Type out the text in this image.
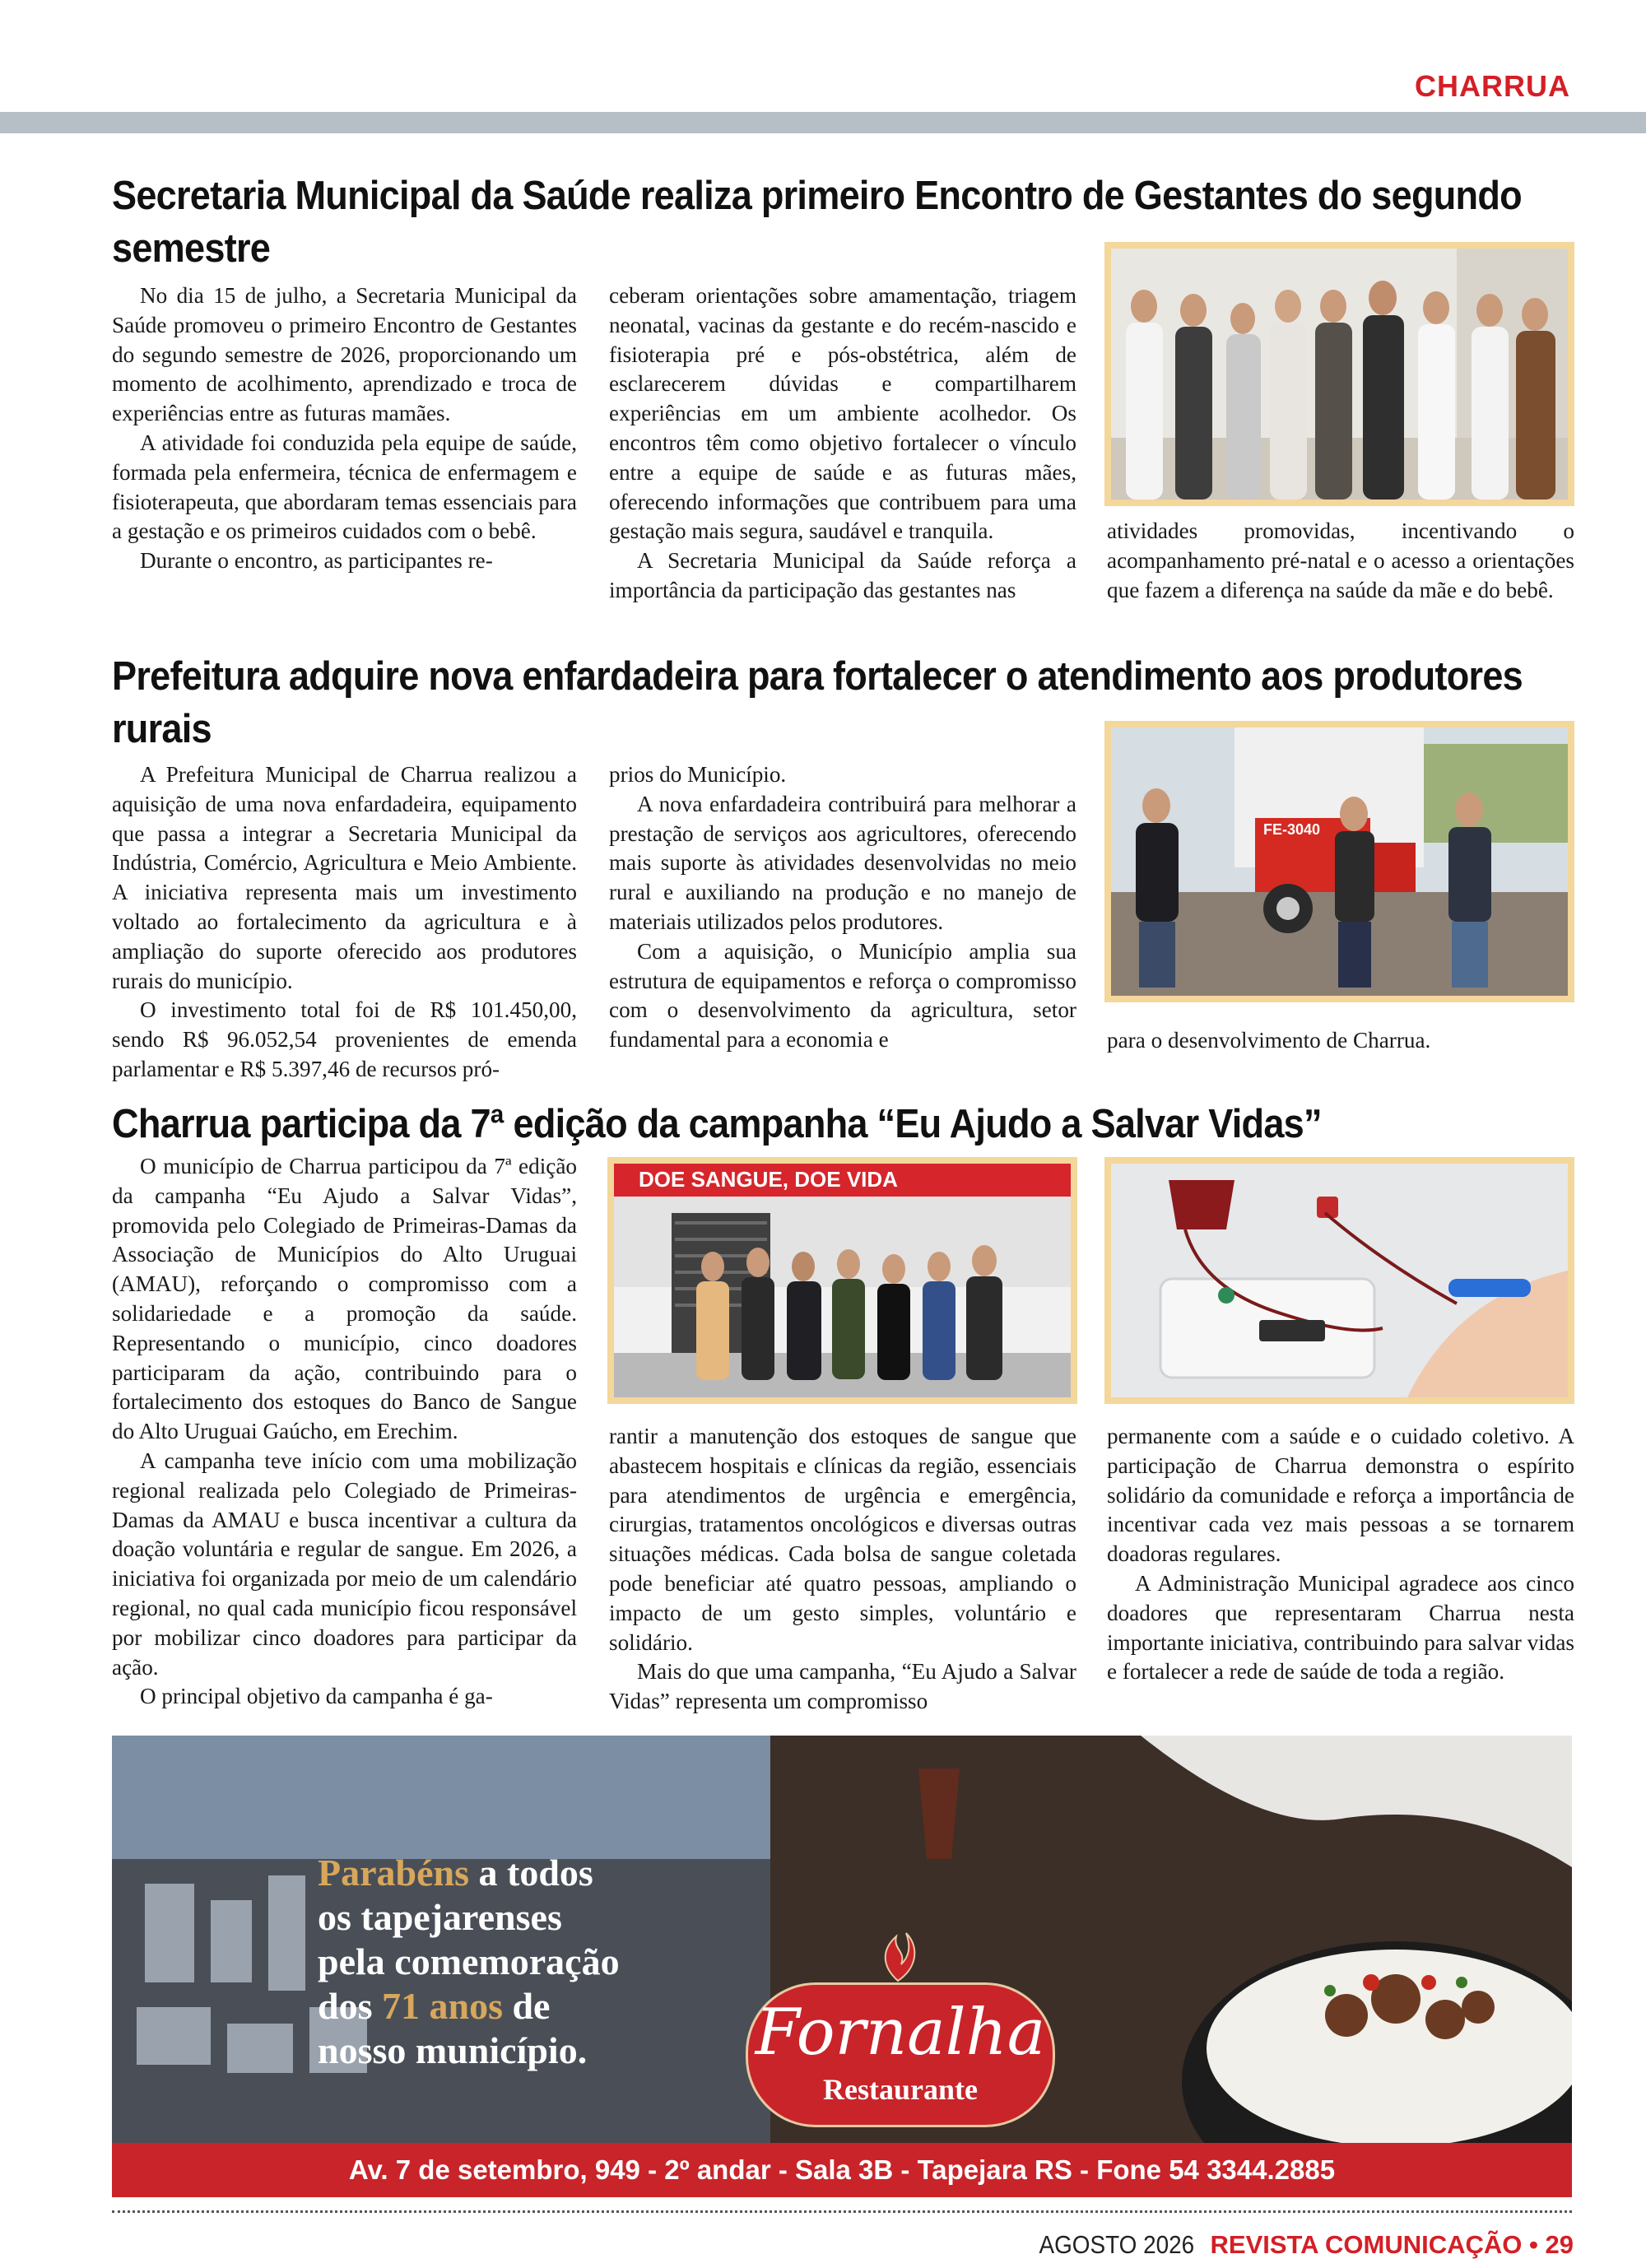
CHARRUA
Secretaria Municipal da Saúde realiza primeiro Encontro de Gestantes do segundo semestre

No dia 15 de julho, a Secretaria Municipal da Saúde promoveu o primeiro Encontro de Gestantes do segundo semestre de 2026, proporcionando um momento de acolhimento, aprendizado e troca de experiências entre as futuras mamães.

A atividade foi conduzida pela equipe de saúde, formada pela enfermeira, técnica de enfermagem e fisioterapeuta, que abordaram temas essenciais para a gestação e os primeiros cuidados com o bebê.

Durante o encontro, as participantes re-

ceberam orientações sobre amamentação, triagem neonatal, vacinas da gestante e do recém-nascido e fisioterapia pré e pós-obstétrica, além de esclarecerem dúvidas e compartilharem experiências em um ambiente acolhedor. Os encontros têm como objetivo fortalecer o vínculo entre a equipe de saúde e as futuras mães, oferecendo informações que contribuem para uma gestação mais segura, saudável e tranquila.

A Secretaria Municipal da Saúde reforça a importância da participação das gestantes nas

atividades promovidas, incentivando o acompanhamento pré-natal e o acesso a orientações que fazem a diferença na saúde da mãe e do bebê.

Prefeitura adquire nova enfardadeira para fortalecer o atendimento aos produtores rurais

A Prefeitura Municipal de Charrua realizou a aquisição de uma nova enfardadeira, equipamento que passa a integrar a Secretaria Municipal da Indústria, Comércio, Agricultura e Meio Ambiente. A iniciativa representa mais um investimento voltado ao fortalecimento da agricultura e à ampliação do suporte oferecido aos produtores rurais do município.

O investimento total foi de R$ 101.450,00, sendo R$ 96.052,54 provenientes de emenda parlamentar e R$ 5.397,46 de recursos pró-

prios do Município.

A nova enfardadeira contribuirá para melhorar a prestação de serviços aos agricultores, oferecendo mais suporte às atividades desenvolvidas no meio rural e auxiliando na produção e no manejo de materiais utilizados pelos produtores.

Com a aquisição, o Município amplia sua estrutura de equipamentos e reforça o compromisso com o desenvolvimento da agricultura, setor fundamental para a economia e

FE-3040

para o desenvolvimento de Charrua.

Charrua participa da 7ª edição da campanha “Eu Ajudo a Salvar Vidas”

O município de Charrua participou da 7ª edição da campanha “Eu Ajudo a Salvar Vidas”, promovida pelo Colegiado de Primeiras-Damas da Associação de Municípios do Alto Uruguai (AMAU), reforçando o compromisso com a solidariedade e a promoção da saúde. Representando o município, cinco doadores participaram da ação, contribuindo para o fortalecimento dos estoques do Banco de Sangue do Alto Uruguai Gaúcho, em Erechim.

A campanha teve início com uma mobilização regional realizada pelo Colegiado de Primeiras-Damas da AMAU e busca incentivar a cultura da doação voluntária e regular de sangue. Em 2026, a iniciativa foi organizada por meio de um calendário regional, no qual cada município ficou responsável por mobilizar cinco doadores para participar da ação.

O principal objetivo da campanha é ga-

DOE SANGUE, DOE VIDA

rantir a manutenção dos estoques de sangue que abastecem hospitais e clínicas da região, essenciais para atendimentos de urgência e emergência, cirurgias, tratamentos oncológicos e diversas outras situações médicas. Cada bolsa de sangue coletada pode beneficiar até quatro pessoas, ampliando o impacto de um gesto simples, voluntário e solidário.

Mais do que uma campanha, “Eu Ajudo a Salvar Vidas” representa um compromisso

permanente com a saúde e o cuidado coletivo. A participação de Charrua demonstra o espírito solidário da comunidade e reforça a importância de incentivar cada vez mais pessoas a se tornarem doadoras regulares.

A Administração Municipal agradece aos cinco doadores que representaram Charrua nesta importante iniciativa, contribuindo para salvar vidas e fortalecer a rede de saúde de toda a região.

Parabéns a todos
os tapejarenses
pela comemoração
dos 71 anos de
nosso município.	Fornalha
Restaurante
Av. 7 de setembro, 949 - 2º andar - Sala 3B - Tapejara RS - Fone 54 3344.2885
AGOSTO 2026 REVISTA COMUNICAÇÃO • 29
